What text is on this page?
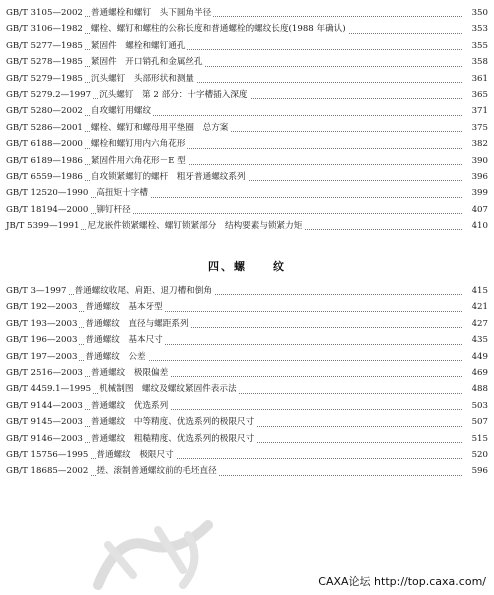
GB/T 3105—2002 普通螺栓和螺钉　头下圆角半径	350
GB/T 3106—1982 螺栓、螺钉和螺柱的公称长度和普通螺栓的螺纹长度(1988 年确认)	353
GB/T 5277—1985 紧固件　螺栓和螺钉通孔	355
GB/T 5278—1985 紧固件　开口销孔和金属丝孔	358
GB/T 5279—1985 沉头螺钉　头部形状和测量	361
GB/T 5279.2—1997 沉头螺钉　第 2 部分：十字槽插入深度	365
GB/T 5280—2002 自攻螺钉用螺纹	371
GB/T 5286—2001 螺栓、螺钉和螺母用平垫圈　总方案	375
GB/T 6188—2000 螺栓和螺钉用内六角花形	382
GB/T 6189—1986 紧固件用六角花形－E 型	390
GB/T 6559—1986 自攻锁紧螺钉的螺杆　粗牙普通螺纹系列	396
GB/T 12520—1990 高扭矩十字槽	399
GB/T 18194—2000 铆钉杆径	407
JB/T 5399—1991 尼龙嵌件锁紧螺栓、螺钉锁紧部分　结构要素与锁紧力矩	410
四、螺　　纹
GB/T 3—1997 普通螺纹收尾、肩距、退刀槽和倒角	415
GB/T 192—2003 普通螺纹　基本牙型	421
GB/T 193—2003 普通螺纹　直径与螺距系列	427
GB/T 196—2003 普通螺纹　基本尺寸	435
GB/T 197—2003 普通螺纹　公差	449
GB/T 2516—2003 普通螺纹　极限偏差	469
GB/T 4459.1—1995 机械制图　螺纹及螺纹紧固件表示法	488
GB/T 9144—2003 普通螺纹　优选系列	503
GB/T 9145—2003 普通螺纹　中等精度、优选系列的极限尺寸	507
GB/T 9146—2003 普通螺纹　粗糙精度、优选系列的极限尺寸	515
GB/T 15756—1995 普通螺纹　极限尺寸	520
GB/T 18685—2002 搓、滚制普通螺纹前的毛坯直径	596
CAXA论坛 http://top.caxa.com/
